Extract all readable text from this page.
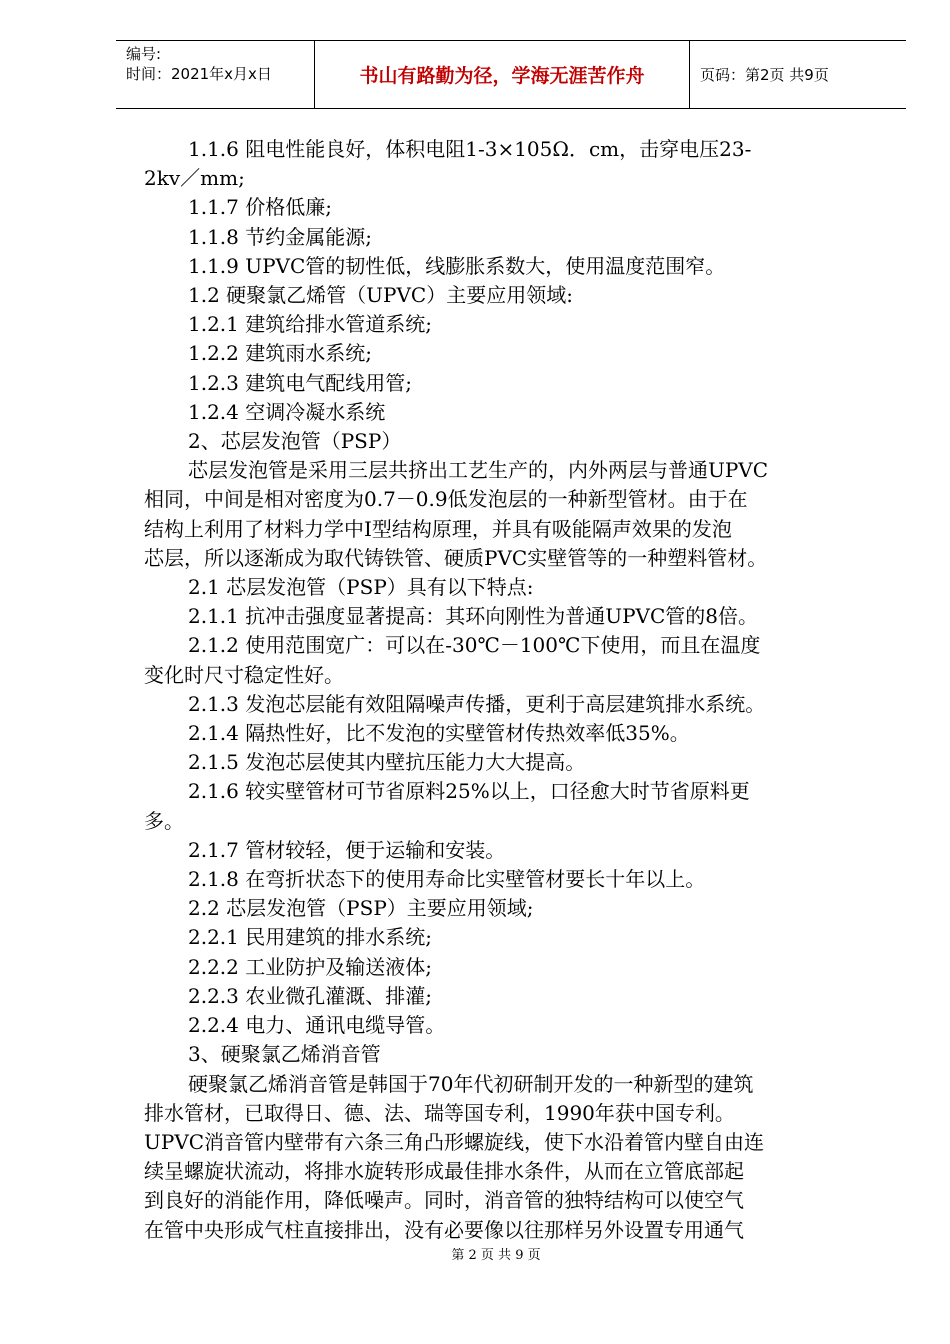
编号:
时间：2021年x月x日	书山有路勤为径，学海无涯苦作舟	页码：第2页 共9页
1.1.6 阻电性能良好，体积电阻1-3×105Ω．cm，击穿电压23-
2kv／mm;
1.1.7 价格低廉;
1.1.8 节约金属能源;
1.1.9 UPVC管的韧性低，线膨胀系数大，使用温度范围窄。
1.2 硬聚氯乙烯管（UPVC）主要应用领域:
1.2.1 建筑给排水管道系统;
1.2.2 建筑雨水系统;
1.2.3 建筑电气配线用管;
1.2.4 空调冷凝水系统
2、芯层发泡管（PSP）
芯层发泡管是采用三层共挤出工艺生产的，内外两层与普通UPVC
相同，中间是相对密度为0.7－0.9低发泡层的一种新型管材。由于在
结构上利用了材料力学中Ⅰ型结构原理，并具有吸能隔声效果的发泡
芯层，所以逐渐成为取代铸铁管、硬质PVC实壁管等的一种塑料管材。
2.1 芯层发泡管（PSP）具有以下特点:
2.1.1 抗冲击强度显著提高：其环向刚性为普通UPVC管的8倍。
2.1.2 使用范围宽广：可以在-30℃－100℃下使用，而且在温度
变化时尺寸稳定性好。
2.1.3 发泡芯层能有效阻隔噪声传播，更利于高层建筑排水系统。
2.1.4 隔热性好，比不发泡的实壁管材传热效率低35%。
2.1.5 发泡芯层使其内壁抗压能力大大提高。
2.1.6 较实壁管材可节省原料25%以上，口径愈大时节省原料更
多。
2.1.7 管材较轻，便于运输和安装。
2.1.8 在弯折状态下的使用寿命比实壁管材要长十年以上。
2.2 芯层发泡管（PSP）主要应用领域;
2.2.1 民用建筑的排水系统;
2.2.2 工业防护及输送液体;
2.2.3 农业微孔灌溉、排灌;
2.2.4 电力、通讯电缆导管。
3、硬聚氯乙烯消音管
硬聚氯乙烯消音管是韩国于70年代初研制开发的一种新型的建筑
排水管材，已取得日、德、法、瑞等国专利，1990年获中国专利。
UPVC消音管内壁带有六条三角凸形螺旋线，使下水沿着管内壁自由连
续呈螺旋状流动，将排水旋转形成最佳排水条件，从而在立管底部起
到良好的消能作用，降低噪声。同时，消音管的独特结构可以使空气
在管中央形成气柱直接排出，没有必要像以往那样另外设置专用通气
第 2 页 共 9 页
